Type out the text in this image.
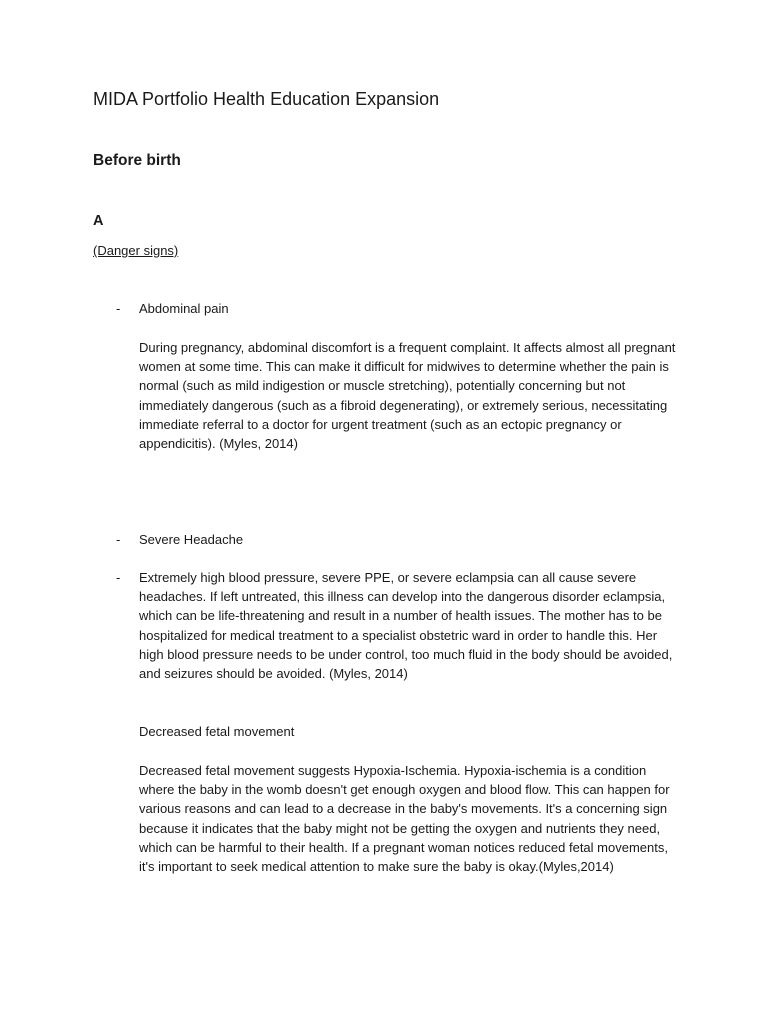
MIDA Portfolio Health Education Expansion
Before birth
A

(Danger signs)

- Abdominal pain

During pregnancy, abdominal discomfort is a frequent complaint. It affects almost all pregnant women at some time. This can make it difficult for midwives to determine whether the pain is normal (such as mild indigestion or muscle stretching), potentially concerning but not immediately dangerous (such as a fibroid degenerating), or extremely serious, necessitating immediate referral to a doctor for urgent treatment (such as an ectopic pregnancy or appendicitis). (Myles, 2014)

- Severe Headache
- Extremely high blood pressure, severe PPE, or severe eclampsia can all cause severe headaches. If left untreated, this illness can develop into the dangerous disorder eclampsia, which can be life-threatening and result in a number of health issues. The mother has to be hospitalized for medical treatment to a specialist obstetric ward in order to handle this. Her high blood pressure needs to be under control, too much fluid in the body should be avoided, and seizures should be avoided. (Myles, 2014)

Decreased fetal movement

Decreased fetal movement suggests Hypoxia-Ischemia. Hypoxia-ischemia is a condition where the baby in the womb doesn't get enough oxygen and blood flow. This can happen for various reasons and can lead to a decrease in the baby's movements. It's a concerning sign because it indicates that the baby might not be getting the oxygen and nutrients they need, which can be harmful to their health. If a pregnant woman notices reduced fetal movements, it's important to seek medical attention to make sure the baby is okay.(Myles,2014)
